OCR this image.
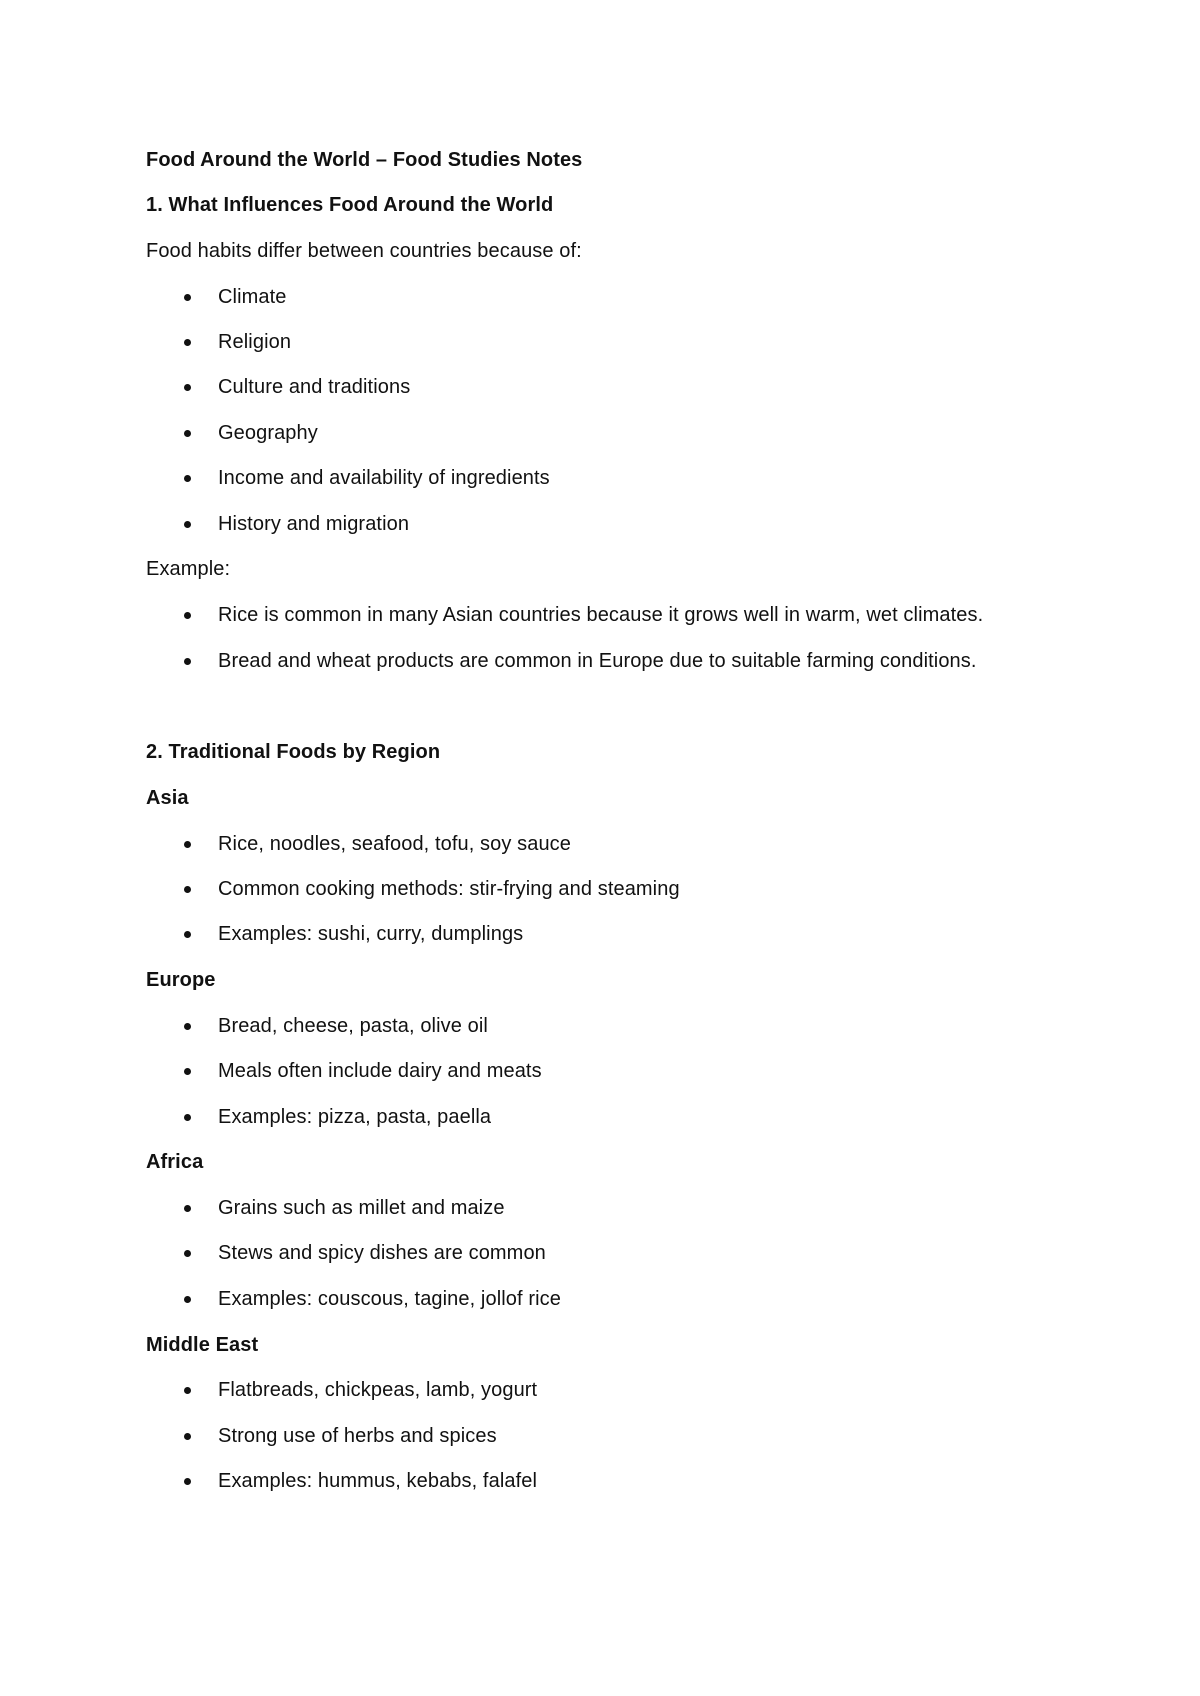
Food Around the World – Food Studies Notes
1. What Influences Food Around the World
Food habits differ between countries because of:
Climate
Religion
Culture and traditions
Geography
Income and availability of ingredients
History and migration
Example:
Rice is common in many Asian countries because it grows well in warm, wet climates.
Bread and wheat products are common in Europe due to suitable farming conditions.
2. Traditional Foods by Region
Asia
Rice, noodles, seafood, tofu, soy sauce
Common cooking methods: stir-frying and steaming
Examples: sushi, curry, dumplings
Europe
Bread, cheese, pasta, olive oil
Meals often include dairy and meats
Examples: pizza, pasta, paella
Africa
Grains such as millet and maize
Stews and spicy dishes are common
Examples: couscous, tagine, jollof rice
Middle East
Flatbreads, chickpeas, lamb, yogurt
Strong use of herbs and spices
Examples: hummus, kebabs, falafel
